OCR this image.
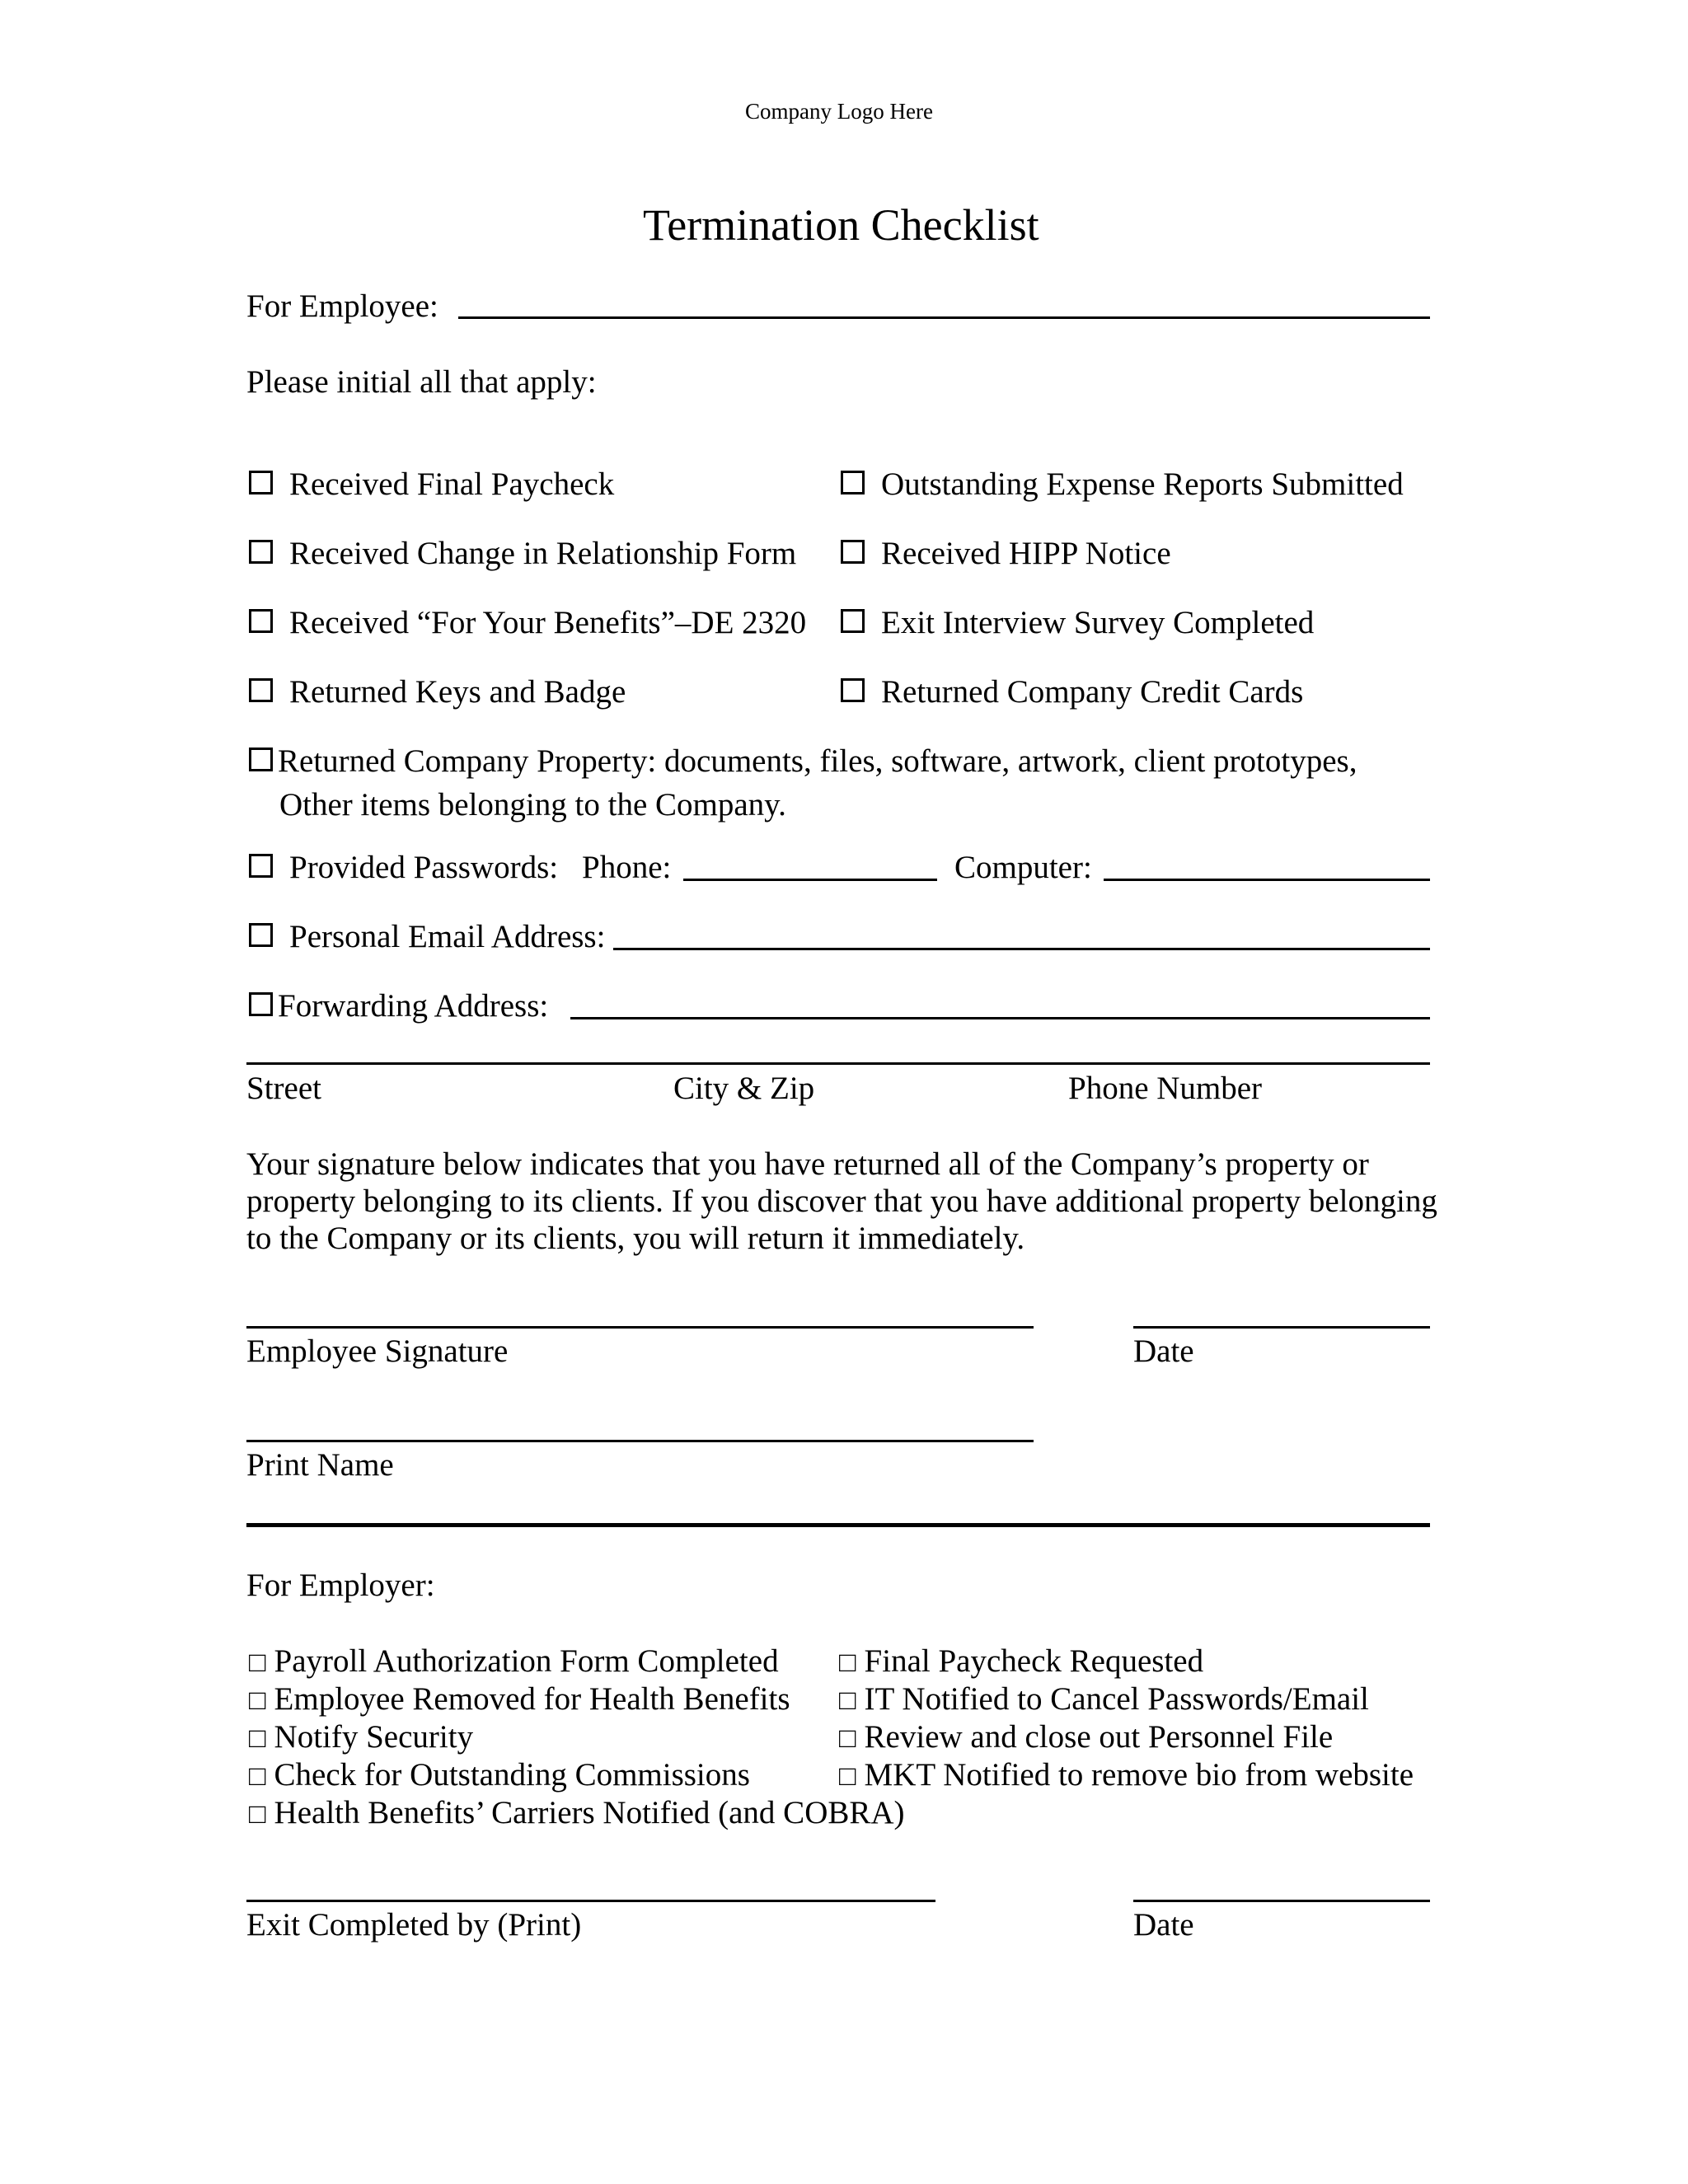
Company Logo Here
Termination Checklist
For Employee:
Please initial all that apply:
Received Final Paycheck	Outstanding Expense Reports Submitted
Received Change in Relationship Form	Received HIPP Notice
Received “For Your Benefits”–DE 2320	Exit Interview Survey Completed
Returned Keys and Badge	Returned Company Credit Cards
Returned Company Property: documents, files, software, artwork, client prototypes,
Other items belonging to the Company.
Provided Passwords: Phone:	Computer:
Personal Email Address:
Forwarding Address:
Street	City & Zip	Phone Number
Your signature below indicates that you have returned all of the Company’s property or property belonging to its clients. If you discover that you have additional property belonging to the Company or its clients, you will return it immediately.
Employee Signature	Date
Print Name
For Employer:
□ Payroll Authorization Form Completed □ Final Paycheck Requested
□ Employee Removed for Health Benefits □ IT Notified to Cancel Passwords/Email
□ Notify Security	□ Review and close out Personnel File
□ Check for Outstanding Commissions	□ MKT Notified to remove bio from website
□ Health Benefits’ Carriers Notified (and COBRA)
Exit Completed by (Print)	Date
